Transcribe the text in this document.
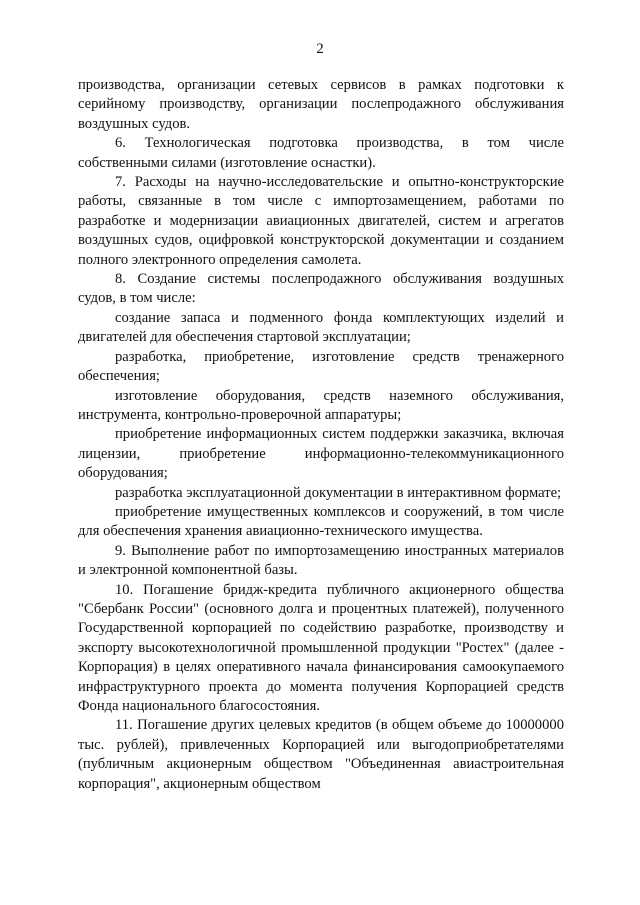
2

производства, организации сетевых сервисов в рамках подготовки к серийному производству, организации послепродажного обслуживания воздушных судов.

6. Технологическая подготовка производства, в том числе собственными силами (изготовление оснастки).

7. Расходы на научно-исследовательские и опытно-конструкторские работы, связанные в том числе с импортозамещением, работами по разработке и модернизации авиационных двигателей, систем и агрегатов воздушных судов, оцифровкой конструкторской документации и созданием полного электронного определения самолета.

8. Создание системы послепродажного обслуживания воздушных судов, в том числе:

создание запаса и подменного фонда комплектующих изделий и двигателей для обеспечения стартовой эксплуатации;

разработка, приобретение, изготовление средств тренажерного обеспечения;

изготовление оборудования, средств наземного обслуживания, инструмента, контрольно-проверочной аппаратуры;

приобретение информационных систем поддержки заказчика, включая лицензии, приобретение информационно-телекоммуникационного оборудования;

разработка эксплуатационной документации в интерактивном формате;

приобретение имущественных комплексов и сооружений, в том числе для обеспечения хранения авиационно-технического имущества.

9. Выполнение работ по импортозамещению иностранных материалов и электронной компонентной базы.

10. Погашение бридж-кредита публичного акционерного общества "Сбербанк России" (основного долга и процентных платежей), полученного Государственной корпорацией по содействию разработке, производству и экспорту высокотехнологичной промышленной продукции "Ростех" (далее - Корпорация) в целях оперативного начала финансирования самоокупаемого инфраструктурного проекта до момента получения Корпорацией средств Фонда национального благосостояния.

11. Погашение других целевых кредитов (в общем объеме до 10000000 тыс. рублей), привлеченных Корпорацией или выгодоприобретателями (публичным акционерным обществом "Объединенная авиастроительная корпорация", акционерным обществом
